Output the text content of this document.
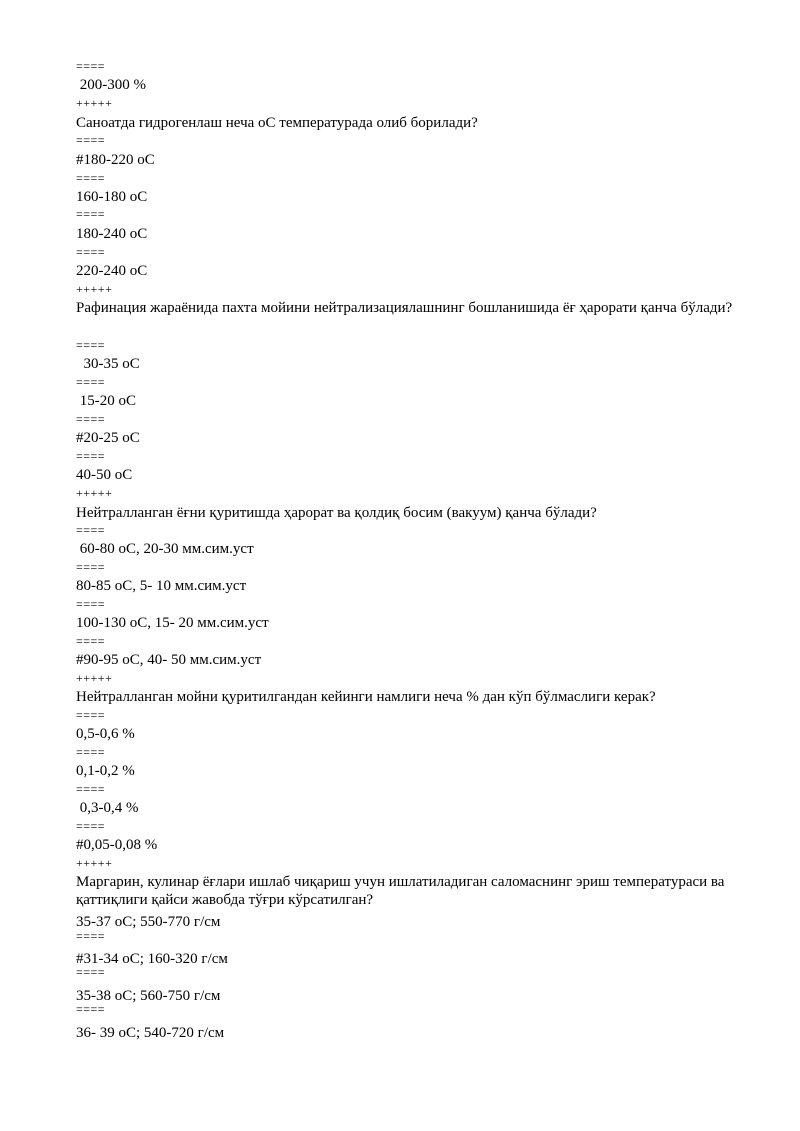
====
200-300 %
+++++
Саноатда гидрогенлаш неча оС температурада олиб борилади?
====
#180-220 оС
====
160-180 оС
====
180-240 оС
====
220-240 оС
+++++
Рафинация жараёнида пахта мойини нейтрализациялашнинг бошланишида ёғ ҳарорати қанча бўлади?
====
30-35 оС
====
15-20 оС
====
#20-25 оС
====
40-50 оС
+++++
Нейтралланган ёғни қуритишда ҳарорат ва қолдиқ босим (вакуум) қанча бўлади?
====
60-80 оС, 20-30 мм.сим.уст
====
80-85 оС, 5- 10 мм.сим.уст
====
100-130 оС, 15- 20 мм.сим.уст
====
#90-95 оС, 40- 50 мм.сим.уст
+++++
Нейтралланган мойни қуритилгандан кейинги намлиги неча % дан кўп бўлмаслиги керак?
====
0,5-0,6 %
====
0,1-0,2 %
====
0,3-0,4 %
====
#0,05-0,08 %
+++++
Маргарин, кулинар ёғлари ишлаб чиқариш учун ишлатиладиган саломаснинг эриш температураси ва қаттиқлиги қайси жавобда тўғри кўрсатилган?
35-37 оС; 550-770 г/см
====
#31-34 оС; 160-320 г/см
====
35-38 оС; 560-750 г/см
====
36- 39 оС; 540-720 г/см
